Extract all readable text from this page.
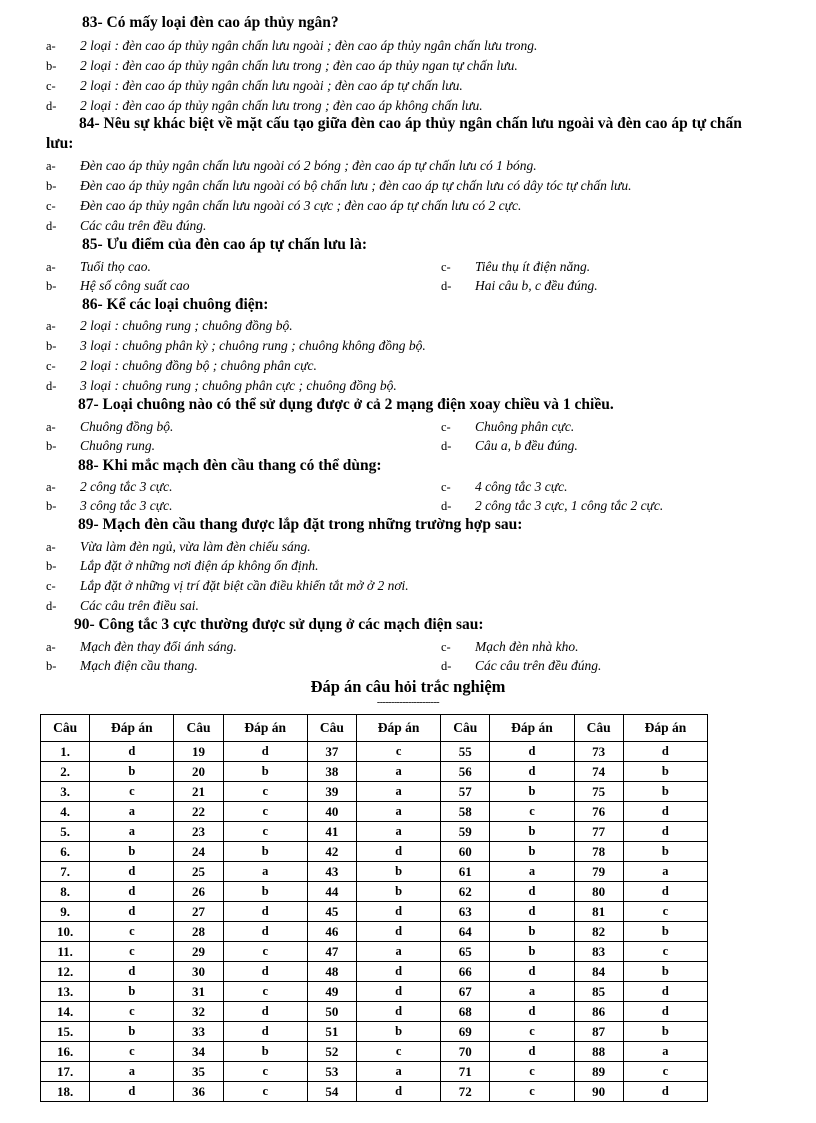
83- Có mấy loại đèn cao áp thủy ngân?
a- 2 loại : đèn cao áp thủy ngân chấn lưu ngoài ; đèn cao áp thủy ngân chấn lưu trong.
b- 2 loại : đèn cao áp thủy ngân chấn lưu trong ; đèn cao áp thủy ngan tự chấn lưu.
c- 2 loại : đèn cao áp thủy ngân chấn lưu ngoài ; đèn cao áp tự chấn lưu.
d- 2 loại : đèn cao áp thủy ngân chấn lưu trong ; đèn cao áp không chấn lưu.
84- Nêu sự khác biệt về mặt cấu tạo giữa đèn cao áp thủy ngân chấn lưu ngoài và đèn cao áp tự chấn lưu:
a- Đèn cao áp thủy ngân chấn lưu ngoài có 2 bóng ; đèn cao áp tự chấn lưu có 1 bóng.
b- Đèn cao áp thủy ngân chấn lưu ngoài có bộ chấn lưu ; đèn cao áp tự chấn lưu có dây tóc tự chấn lưu.
c- Đèn cao áp thủy ngân chấn lưu ngoài có 3 cực ; đèn cao áp tự chấn lưu có 2 cực.
d- Các câu trên đều đúng.
85- Ưu điểm của đèn cao áp tự chấn lưu là:
a- Tuổi thọ cao.
b- Hệ số công suất cao
c- Tiêu thụ ít điện năng.
d- Hai câu b, c đều đúng.
86- Kể các loại chuông điện:
a- 2 loại : chuông rung ; chuông đồng bộ.
b- 3 loại : chuông phân kỳ ; chuông rung ; chuông không đồng bộ.
c- 2 loại : chuông đồng bộ ; chuông phân cực.
d- 3 loại : chuông rung ; chuông phân cực ; chuông đồng bộ.
87- Loại chuông nào có thể sử dụng được ở cả 2 mạng điện xoay chiều và 1 chiều.
a- Chuông đồng bộ.
b- Chuông rung.
c- Chuông phân cực.
d- Câu a, b đều đúng.
88- Khi mắc mạch đèn cầu thang có thể dùng:
a- 2 công tắc 3 cực.
b- 3 công tắc 3 cực.
c- 4 công tắc 3 cực.
d- 2 công tắc 3 cực, 1 công tắc 2 cực.
89- Mạch đèn cầu thang được lắp đặt trong những trường hợp sau:
a- Vừa làm đèn ngủ, vừa làm đèn chiếu sáng.
b- Lắp đặt ở những nơi điện áp không ổn định.
c- Lắp đặt ở những vị trí đặt biệt cần điều khiển tắt mở ở 2 nơi.
d- Các câu trên điều sai.
90- Công tắc 3 cực thường được sử dụng ở các mạch điện sau:
a- Mạch đèn thay đổi ánh sáng.
b- Mạch điện cầu thang.
c- Mạch đèn nhà kho.
d- Các câu trên đều đúng.
Đáp án câu hỏi trắc nghiệm
----------------------
Câu	Đáp án	Câu	Đáp án	Câu	Đáp án	Câu	Đáp án	Câu	Đáp án
1.	d	19	d	37	c	55	d	73	d
2.	b	20	b	38	a	56	d	74	b
3.	c	21	c	39	a	57	b	75	b
4.	a	22	c	40	a	58	c	76	d
5.	a	23	c	41	a	59	b	77	d
6.	b	24	b	42	d	60	b	78	b
7.	d	25	a	43	b	61	a	79	a
8.	d	26	b	44	b	62	d	80	d
9.	d	27	d	45	d	63	d	81	c
10.	c	28	d	46	d	64	b	82	b
11.	c	29	c	47	a	65	b	83	c
12.	d	30	d	48	d	66	d	84	b
13.	b	31	c	49	d	67	a	85	d
14.	c	32	d	50	d	68	d	86	d
15.	b	33	d	51	b	69	c	87	b
16.	c	34	b	52	c	70	d	88	a
17.	a	35	c	53	a	71	c	89	c
18.	d	36	c	54	d	72	c	90	d
